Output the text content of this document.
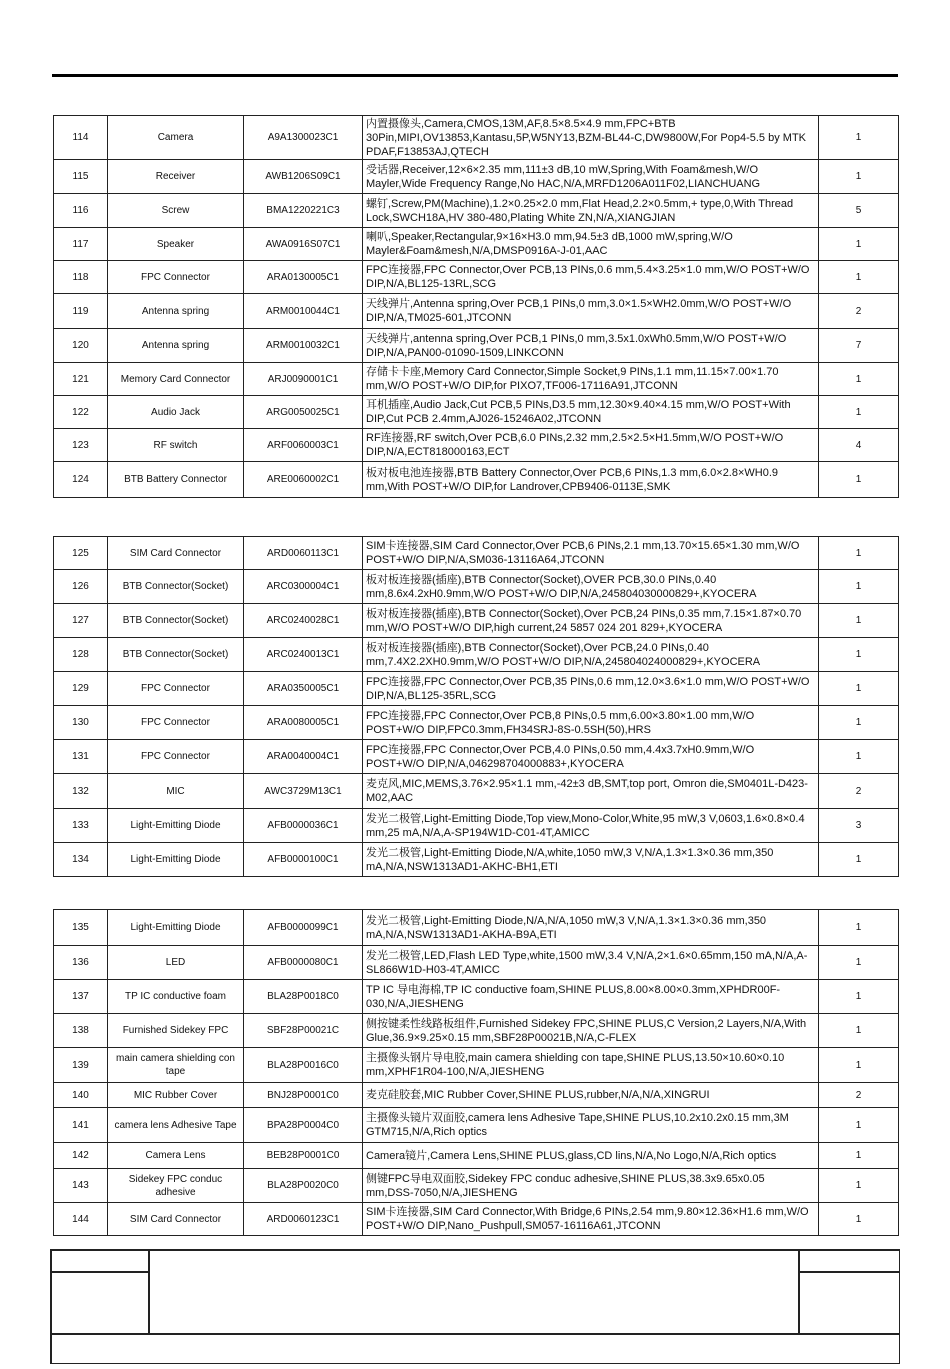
114	Camera	A9A1300023C1	内置摄像头,Camera,CMOS,13M,AF,8.5×8.5×4.9 mm,FPC+BTB 30Pin,MIPI,OV13853,Kantasu,5P,W5NY13,BZM-BL44-C,DW9800W,For Pop4-5.5 by MTK PDAF,F13853AJ,QTECH	1
115	Receiver	AWB1206S09C1	受话器,Receiver,12×6×2.35 mm,111±3 dB,10 mW,Spring,With Foam&mesh,W/O Mayler,Wide Frequency Range,No HAC,N/A,MRFD1206A011F02,LIANCHUANG	1
116	Screw	BMA1220221C3	螺钉,Screw,PM(Machine),1.2×0.25×2.0 mm,Flat Head,2.2×0.5mm,+ type,0,With Thread Lock,SWCH18A,HV 380-480,Plating White ZN,N/A,XIANGJIAN	5
117	Speaker	AWA0916S07C1	喇叭,Speaker,Rectangular,9×16×H3.0 mm,94.5±3 dB,1000 mW,spring,W/O Mayler&Foam&mesh,N/A,DMSP0916A-J-01,AAC	1
118	FPC Connector	ARA0130005C1	FPC连接器,FPC Connector,Over PCB,13 PINs,0.6 mm,5.4×3.25×1.0 mm,W/O POST+W/O DIP,N/A,BL125-13RL,SCG	1
119	Antenna spring	ARM0010044C1	天线弹片,Antenna spring,Over PCB,1 PINs,0 mm,3.0×1.5×WH2.0mm,W/O POST+W/O DIP,N/A,TM025-601,JTCONN	2
120	Antenna spring	ARM0010032C1	天线弹片,antenna spring,Over PCB,1 PINs,0 mm,3.5x1.0xWh0.5mm,W/O POST+W/O DIP,N/A,PAN00-01090-1509,LINKCONN	7
121	Memory Card Connector	ARJ0090001C1	存储卡卡座,Memory Card Connector,Simple Socket,9 PINs,1.1 mm,11.15×7.00×1.70 mm,W/O POST+W/O DIP,for PIXO7,TF006-17116A91,JTCONN	1
122	Audio Jack	ARG0050025C1	耳机插座,Audio Jack,Cut PCB,5 PINs,D3.5 mm,12.30×9.40×4.15 mm,W/O POST+With DIP,Cut PCB 2.4mm,AJ026-15246A02,JTCONN	1
123	RF switch	ARF0060003C1	RF连接器,RF switch,Over PCB,6.0 PINs,2.32 mm,2.5×2.5×H1.5mm,W/O POST+W/O DIP,N/A,ECT818000163,ECT	4
124	BTB Battery Connector	ARE0060002C1	板对板电池连接器,BTB Battery Connector,Over PCB,6 PINs,1.3 mm,6.0×2.8×WH0.9 mm,With POST+W/O DIP,for Landrover,CPB9406-0113E,SMK	1
125	SIM Card Connector	ARD0060113C1	SIM卡连接器,SIM Card Connector,Over PCB,6 PINs,2.1 mm,13.70×15.65×1.30 mm,W/O POST+W/O DIP,N/A,SM036-13116A64,JTCONN	1
126	BTB Connector(Socket)	ARC0300004C1	板对板连接器(插座),BTB Connector(Socket),OVER PCB,30.0 PINs,0.40 mm,8.6x4.2xH0.9mm,W/O POST+W/O DIP,N/A,245804030000829+,KYOCERA	1
127	BTB Connector(Socket)	ARC0240028C1	板对板连接器(插座),BTB Connector(Socket),Over PCB,24 PINs,0.35 mm,7.15×1.87×0.70 mm,W/O POST+W/O DIP,high current,24 5857 024 201 829+,KYOCERA	1
128	BTB Connector(Socket)	ARC0240013C1	板对板连接器(插座),BTB Connector(Socket),Over PCB,24.0 PINs,0.40 mm,7.4X2.2XH0.9mm,W/O POST+W/O DIP,N/A,245804024000829+,KYOCERA	1
129	FPC Connector	ARA0350005C1	FPC连接器,FPC Connector,Over PCB,35 PINs,0.6 mm,12.0×3.6×1.0 mm,W/O POST+W/O DIP,N/A,BL125-35RL,SCG	1
130	FPC Connector	ARA0080005C1	FPC连接器,FPC Connector,Over PCB,8 PINs,0.5 mm,6.00×3.80×1.00 mm,W/O POST+W/O DIP,FPC0.3mm,FH34SRJ-8S-0.5SH(50),HRS	1
131	FPC Connector	ARA0040004C1	FPC连接器,FPC Connector,Over PCB,4.0 PINs,0.50 mm,4.4x3.7xH0.9mm,W/O POST+W/O DIP,N/A,046298704000883+,KYOCERA	1
132	MIC	AWC3729M13C1	麦克风,MIC,MEMS,3.76×2.95×1.1 mm,-42±3 dB,SMT,top port, Omron die,SM0401L-D423-M02,AAC	2
133	Light-Emitting Diode	AFB0000036C1	发光二极管,Light-Emitting Diode,Top view,Mono-Color,White,95 mW,3 V,0603,1.6×0.8×0.4 mm,25 mA,N/A,A-SP194W1D-C01-4T,AMICC	3
134	Light-Emitting Diode	AFB0000100C1	发光二极管,Light-Emitting Diode,N/A,white,1050 mW,3 V,N/A,1.3×1.3×0.36 mm,350 mA,N/A,NSW1313AD1-AKHC-BH1,ETI	1
135	Light-Emitting Diode	AFB0000099C1	发光二极管,Light-Emitting Diode,N/A,N/A,1050 mW,3 V,N/A,1.3×1.3×0.36 mm,350 mA,N/A,NSW1313AD1-AKHA-B9A,ETI	1
136	LED	AFB0000080C1	发光二极管,LED,Flash LED Type,white,1500 mW,3.4 V,N/A,2×1.6×0.65mm,150 mA,N/A,A-SL866W1D-H03-4T,AMICC	1
137	TP IC conductive foam	BLA28P0018C0	TP IC 导电海棉,TP IC conductive foam,SHINE PLUS,8.00×8.00×0.3mm,XPHDR00F-030,N/A,JIESHENG	1
138	Furnished Sidekey FPC	SBF28P00021C	侧按键柔性线路板组件,Furnished Sidekey FPC,SHINE PLUS,C Version,2 Layers,N/A,With Glue,36.9×9.25×0.15 mm,SBF28P00021B,N/A,C-FLEX	1
139	main camera shielding con tape	BLA28P0016C0	主摄像头钢片导电胶,main camera shielding con tape,SHINE PLUS,13.50×10.60×0.10 mm,XPHF1R04-100,N/A,JIESHENG	1
140	MIC Rubber Cover	BNJ28P0001C0	麦克硅胶套,MIC Rubber Cover,SHINE PLUS,rubber,N/A,N/A,XINGRUI	2
141	camera lens Adhesive Tape	BPA28P0004C0	主摄像头镜片双面胶,camera lens Adhesive Tape,SHINE PLUS,10.2x10.2x0.15 mm,3M GTM715,N/A,Rich optics	1
142	Camera Lens	BEB28P0001C0	Camera镜片,Camera Lens,SHINE PLUS,glass,CD lins,N/A,No Logo,N/A,Rich optics	1
143	Sidekey FPC conduc adhesive	BLA28P0020C0	侧键FPC导电双面胶,Sidekey FPC conduc adhesive,SHINE PLUS,38.3x9.65x0.05 mm,DSS-7050,N/A,JIESHENG	1
144	SIM Card Connector	ARD0060123C1	SIM卡连接器,SIM Card Connector,With Bridge,6 PINs,2.54 mm,9.80×12.36×H1.6 mm,W/O POST+W/O DIP,Nano_Pushpull,SM057-16116A61,JTCONN	1
